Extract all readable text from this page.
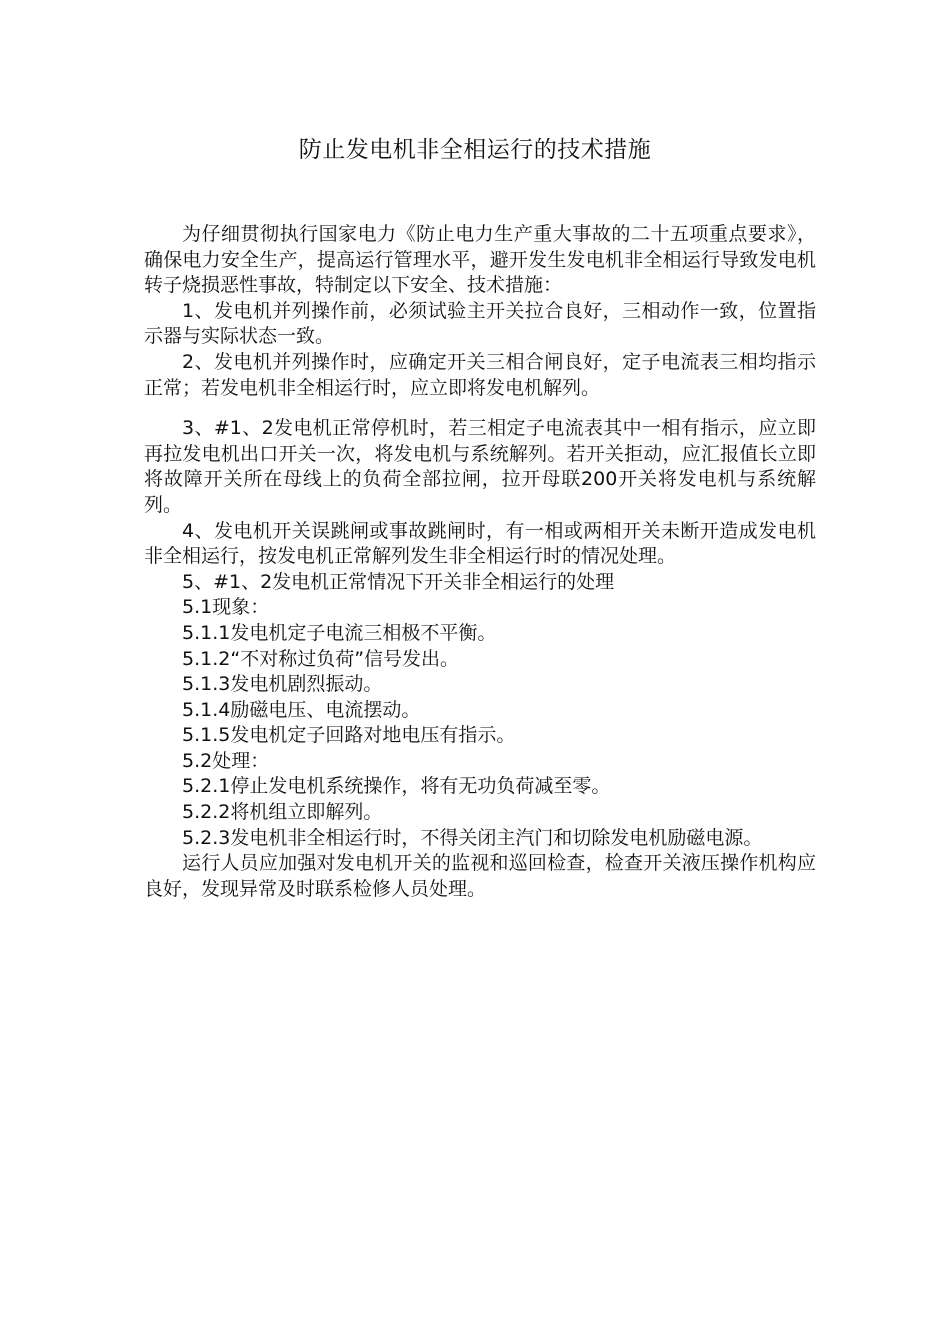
防止发电机非全相运行的技术措施

为仔细贯彻执行国家电力《防止电力生产重大事故的二十五项重点要求》，确保电力安全生产，提高运行管理水平，避开发生发电机非全相运行导致发电机转子烧损恶性事故，特制定以下安全、技术措施：

1、发电机并列操作前，必须试验主开关拉合良好，三相动作一致，位置指示器与实际状态一致。

2、发电机并列操作时，应确定开关三相合闸良好，定子电流表三相均指示正常；若发电机非全相运行时，应立即将发电机解列。

3、#1、2发电机正常停机时，若三相定子电流表其中一相有指示，应立即再拉发电机出口开关一次，将发电机与系统解列。若开关拒动，应汇报值长立即将故障开关所在母线上的负荷全部拉闸，拉开母联200开关将发电机与系统解列。

4、发电机开关误跳闸或事故跳闸时，有一相或两相开关未断开造成发电机非全相运行，按发电机正常解列发生非全相运行时的情况处理。

5、#1、2发电机正常情况下开关非全相运行的处理

5.1现象：

5.1.1发电机定子电流三相极不平衡。

5.1.2“不对称过负荷”信号发出。

5.1.3发电机剧烈振动。

5.1.4励磁电压、电流摆动。

5.1.5发电机定子回路对地电压有指示。

5.2处理：

5.2.1停止发电机系统操作，将有无功负荷减至零。

5.2.2将机组立即解列。

5.2.3发电机非全相运行时，不得关闭主汽门和切除发电机励磁电源。

运行人员应加强对发电机开关的监视和巡回检查，检查开关液压操作机构应良好，发现异常及时联系检修人员处理。
